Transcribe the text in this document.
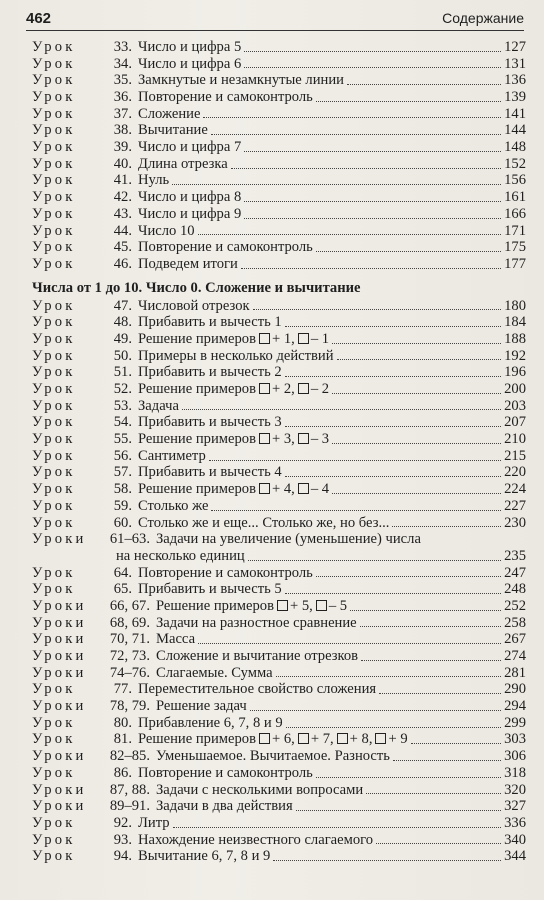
462	Содержание
Урок	33. Число и цифра 5	127
Урок	34. Число и цифра 6	131
Урок	35. Замкнутые и незамкнутые линии	136
Урок	36. Повторение и самоконтроль	139
Урок	37. Сложение	141
Урок	38. Вычитание	144
Урок	39. Число и цифра 7	148
Урок	40. Длина отрезка	152
Урок	41. Нуль	156
Урок	42. Число и цифра 8	161
Урок	43. Число и цифра 9	166
Урок	44. Число 10	171
Урок	45. Повторение и самоконтроль	175
Урок	46. Подведем итоги	177
Числа от 1 до 10. Число 0. Сложение и вычитание
Урок	47. Числовой отрезок	180
Урок	48. Прибавить и вычесть 1	184
Урок	49. Решение примеров + 1, – 1	188
Урок	50. Примеры в несколько действий	192
Урок	51. Прибавить и вычесть 2	196
Урок	52. Решение примеров + 2, – 2	200
Урок	53. Задача	203
Урок	54. Прибавить и вычесть 3	207
Урок	55. Решение примеров + 3, – 3	210
Урок	56. Сантиметр	215
Урок	57. Прибавить и вычесть 4	220
Урок	58. Решение примеров + 4, – 4	224
Урок	59. Столько же	227
Урок	60. Столько же и еще... Столько же, но без...	230
Уроки	61–63. Задачи на увеличение (уменьшение) числа
на несколько единиц	235
Урок	64. Повторение и самоконтроль	247
Урок	65. Прибавить и вычесть 5	248
Уроки	66, 67. Решение примеров + 5, – 5	252
Уроки	68, 69. Задачи на разностное сравнение	258
Уроки	70, 71. Масса	267
Уроки	72, 73. Сложение и вычитание отрезков	274
Уроки	74–76. Слагаемые. Сумма	281
Урок	77. Переместительное свойство сложения	290
Уроки	78, 79. Решение задач	294
Урок	80. Прибавление 6, 7, 8 и 9	299
Урок	81. Решение примеров + 6, + 7, + 8, + 9	303
Уроки	82–85. Уменьшаемое. Вычитаемое. Разность	306
Урок	86. Повторение и самоконтроль	318
Уроки	87, 88. Задачи с несколькими вопросами	320
Уроки	89–91. Задачи в два действия	327
Урок	92. Литр	336
Урок	93. Нахождение неизвестного слагаемого	340
Урок	94. Вычитание 6, 7, 8 и 9	344
